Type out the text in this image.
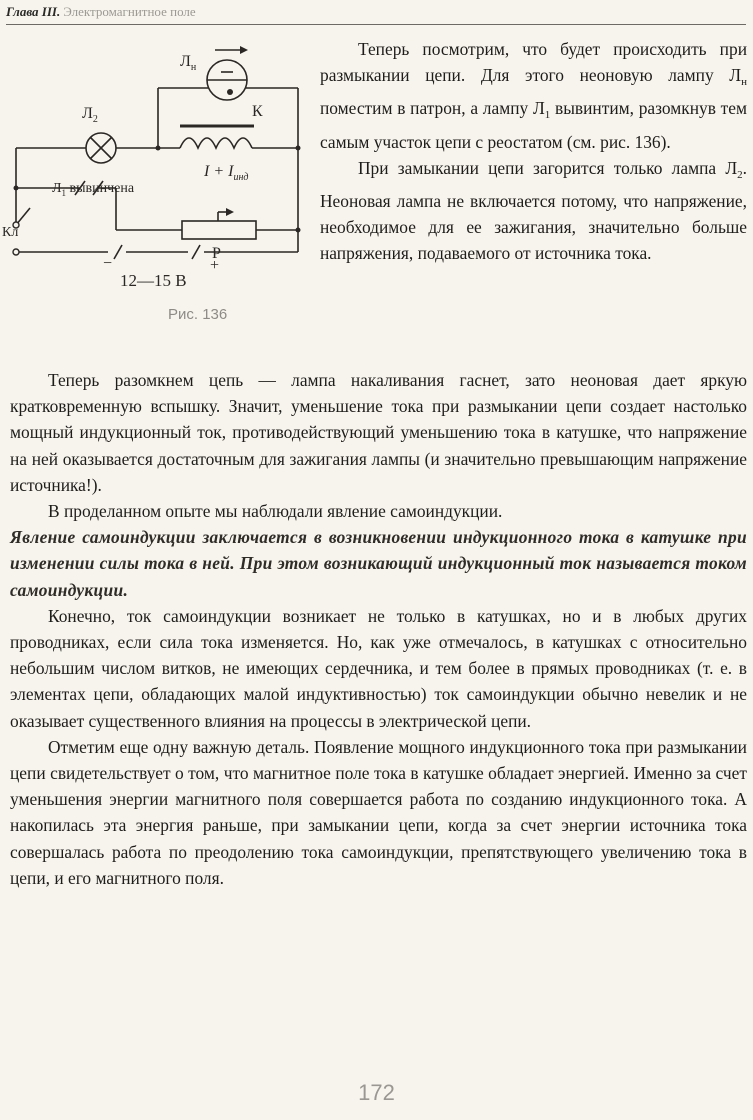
Глава III. Электромагнитное поле
$Л_н$
$Л_2$	К
$I + I_{инд}$
$Л_1$ вывинчена
Р
Кл
−	+
12—15 В
Рис. 136

Теперь посмотрим, что будет происходить при размыкании цепи. Для этого неоновую лампу $Л_н$ поместим в патрон, а лампу $Л_1$ вывинтим, разомкнув тем самым участок цепи с реостатом (см. рис. 136).

При замыкании цепи загорится только лампа $Л_2$. Неоновая лампа не включается потому, что напряжение, необходимое для ее зажигания, значительно больше напряжения, подаваемого от источника тока.

Теперь разомкнем цепь — лампа накаливания гаснет, зато неоновая дает яркую кратковременную вспышку. Значит, уменьшение тока при размыкании цепи создает настолько мощный индукционный ток, противодействующий уменьшению тока в катушке, что напряжение на ней оказывается достаточным для зажигания лампы (и значительно превышающим напряжение источника!).

В проделанном опыте мы наблюдали явление самоиндукции.

Явление самоиндукции заключается в возникновении индукционного тока в катушке при изменении силы тока в ней. При этом возникающий индукционный ток называется током самоиндукции.

Конечно, ток самоиндукции возникает не только в катушках, но и в любых других проводниках, если сила тока изменяется. Но, как уже отмечалось, в катушках с относительно небольшим числом витков, не имеющих сердечника, и тем более в прямых проводниках (т. е. в элементах цепи, обладающих малой индуктивностью) ток самоиндукции обычно невелик и не оказывает существенного влияния на процессы в электрической цепи.

Отметим еще одну важную деталь. Появление мощного индукционного тока при размыкании цепи свидетельствует о том, что магнитное поле тока в катушке обладает энергией. Именно за счет уменьшения энергии магнитного поля совершается работа по созданию индукционного тока. А накопилась эта энергия раньше, при замыкании цепи, когда за счет энергии источника тока совершалась работа по преодолению тока самоиндукции, препятствующего увеличению тока в цепи, и его магнитного поля.

172
